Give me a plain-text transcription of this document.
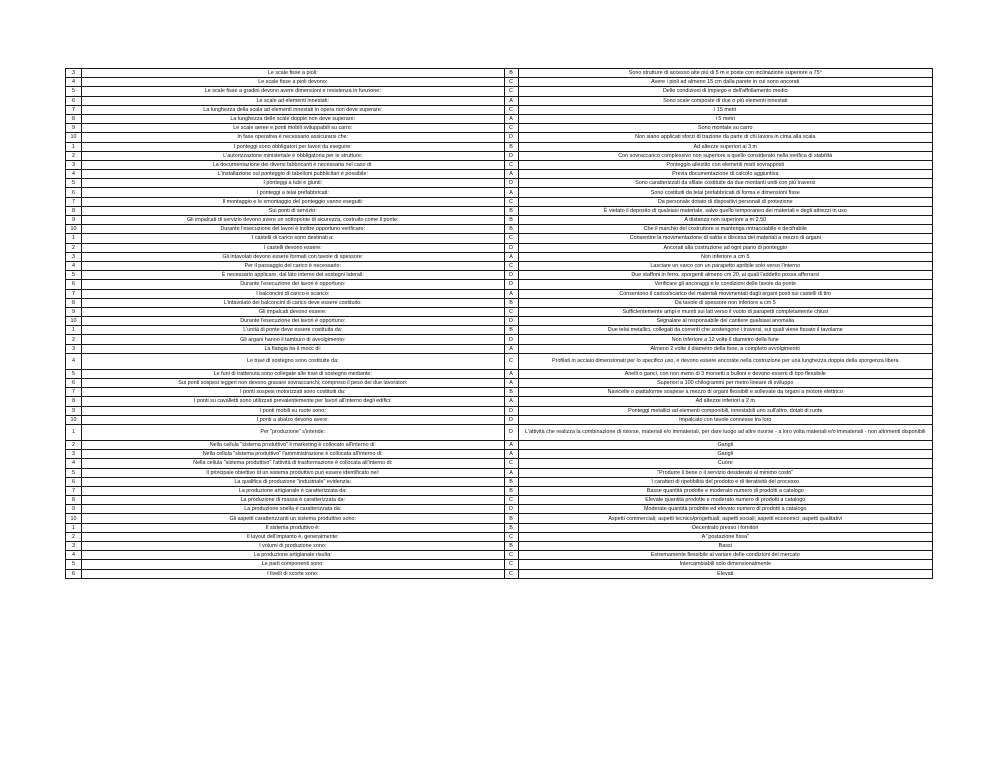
3	Le scale fisse a pioli:	B	Sono strutture di accesso alte più di 5 m e poste con inclinazione superiore a 75°
4	Le scale fisse a pioli devono:	C	Avere i pioli ad almeno 15 cm dalla parete in cui sono ancorati
5	Le scale fisse a gradini devono avere dimensioni e resistenza in funzione:	C	Delle condizioni di impiego e dell'affollamento medio
6	Le scale ad elementi innestati:	A	Sono scale composte di due o più elementi innestati
7	La lunghezza della scala ad elementi innestati in opera non deve superare:	C	i 15 metri
8	La lunghezza delle scale doppie non deve superare:	A	i 5 metri
9	Le scale aeree e ponti mobili sviluppabili su carro:	C	Sono montate su carro
10	In fase operativa è necessario assicurarsi che:	D	Non siano applicati sforzi di trazione da parte di chi lavora in cima alla scala
1	I ponteggi sono obbligatori per lavori da eseguire:	B	Ad altezze superiori ai 3 m
2	L'autorizzazione ministeriale è obbligatoria per le strutture:	D	Con sovraccarico complessivo non superiore a quello considerato nella verifica di stabilità
3	La documentazione dei diversi fabbricanti è necessaria nel caso di:	C	Ponteggio allestito con elementi misti sovrapposti
4	L'installazione sul ponteggio di tabelloni pubblicitari è possibile:	A	Previa documentazione di calcolo aggiuntiva
5	I ponteggi a tubi e giunti:	D	Sono caratterizzati da sfilate costituite da due montanti uniti con più traversi
6	I ponteggi a telai prefabbricati:	A	Sono costituiti da telai prefabbricati di forma e dimensioni fisse
7	Il montaggio e lo smontaggio del ponteggio vanno eseguiti:	C	Da personale dotato di dispositivi personali di protezione
8	Sui ponti di servizio:	B	È vietato il deposito di qualsiasi materiale, salvo quello temporaneo dei materiali e degli attrezzi in uso
9	Gli impalcati di servizio devono avere un sottoponte di sicurezza, costruito come il ponte:	B	A distanza non superiore a m 2,50
10	Durante l'esecuzione dei lavori è inoltre opportuno verificare:	B	Che il marchio del costruttore si mantenga rintracciabile e decifrabile
1	I castelli di carico sono destinati a:	C	Consentire la movimentazione di salita e discesa dei materiali a mezzo di argani
2	I castelli devono essere:	D	Ancorati alla costruzione ad ogni piano di ponteggio
3	Gli intavolati devono essere formati con tavole di spessore:	A	Non inferiore a cm 5
4	Per il passaggio del carico è necessario:	C	Lasciare un varco con un parapetto apribile solo verso l'interno
5	È necessario applicare, dal lato interno dei sostegni laterali:	D	Due staffoni in ferro, sporgenti almeno cm 20, ai quali l'addetto possa afferrarsi
6	Durante l'esecuzione dei lavori è opportuno:	D	Verificare gli ancoraggi e le condizioni delle tavole da ponte
7	I balconcini di carico e scarico:	A	Consentono il carico/scarico dei materiali movimentati dagli argani posti sui castelli di tiro
8	L'intavolato dei balconcini di carico deve essere costituito:	B	Da tavole di spessore non inferiore a cm 5
9	Gli impalcati devono essere:	C	Sufficientemente ampi e muniti sui lati verso il vuoto di parapetti completamente chiusi
10	Durante l'esecuzione dei lavori è opportuno:	D	Segnalare al responsabile del cantiere qualsiasi anomalia
1	L'unità di ponte deve essere costituita da:	B	Due telai metallici, collegati da correnti che sostengono i traversi, sui quali viene fissato il tavolame
2	Gli argani hanno il tamburo di avvolgimento:	D	Non inferiore a 12 volte il diametro della fune
3	La flangia ha il rnocc di:	A	Almeno 2 volte il diametro della fune, a completo avvolgimento
4	Le travi di sostegno sono costituite da:	C	Profilati in acciaio dimensionati per lo specifico uso, e devono essere ancorate nella costruzione per una lunghezza doppia della sporgenza libera
5	Le funi di trattenuta sono collegate alle travi di sostegno mediante:	A	Anelli o ganci, con non meno di 3 morsetti a bulloni e devono essere di tipo flessibile
6	Sui ponti sospesi leggeri non devono gravare sovraccarichi, compreso il peso dei due lavoratori:	A	Superiori a 100 chilogrammi per metro lineare di sviluppo
7	I ponti sospesi motorizzati sono costituiti da:	B	Navicelle o piattaforme sospese a mezzo di organi flessibili e sollevate da organi a motore elettrico
8	I ponti su cavalletti sono utilizzati prevalentemente per lavori all'interno degli edifici:	A	Ad altezze inferiori a 2 m
9	I ponti mobili su ruote sono:	D	Ponteggi metallici ad elementi componibili, innestabili uno sull'altro, dotati di ruote
10	I ponti a sbalzo devono avere:	D	Impalcato con tavole connesse tra loro
1	Per "produzione" s'intende:	D	L'attività che realizza la combinazione di risorse, materiali e/o immateriali, per dare luogo ad altre risorse - a loro volta materiali e/o immateriali - non altrimenti disponibili
2	Nella cellula "sistema produttivo" il marketing è collocato all'interno di:	A	Gangli
3	Nella cellula "sistema produttivo" l'amministrazione è collocata all'interno di:	A	Gangli
4	Nella cellula "sistema produttivo" l'attività di trasformazione è collocata all'interno di:	C	Cuore
5	Il principale obiettivo di un sistema produttivo può essere identificato nel:	A	"Produrre il bene o il servizio desiderato al minimo costo"
6	La qualifica di produzione "industriale" evidenzia:	B	I caratteri di ripetibilità del prodotto e di iteratività del processo
7	La produzione artigianale è caratterizzata da:	B	Basse quantità prodotte e moderato numero di prodotti a catalogo
8	La produzione di massa è caratterizzata da:	C	Elevate quantità prodotte e moderato numero di prodotti a catalogo
9	La produzione snella è caratterizzata da:	D	Moderate quantità prodotte ed elevato numero di prodotti a catalogo
10	Gli aspetti caratterizzanti un sistema produttivo sono:	B	Aspetti commerciali; aspetti tecnico/progettuali; aspetti sociali; aspetti economici; aspetti qualitativi
1	Il sistema produttivo è:	B	Decentrato presso i fornitori
2	Il layout dell'impianto è, generalmente:	C	A "postazione fissa"
3	I volumi di produzione sono:	B	Bassi
4	La produzione artigianale risulta:	C	Estremamente flessibile al variare delle condizioni del mercato
5	Le parti componenti sono:	C	Intercambiabili solo dimensionalmente
6	I livelli di scorte sono:	C	Elevati
